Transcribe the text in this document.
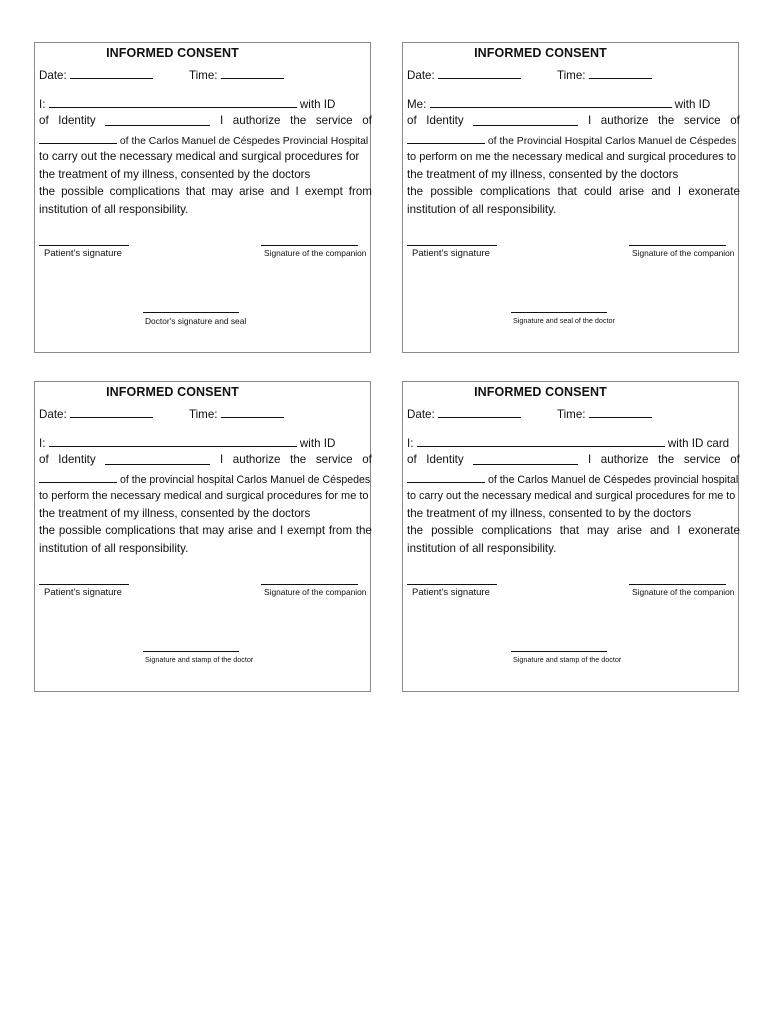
INFORMED CONSENT
Date:	Time:
I:	with ID
of Identity	I authorize the service of
of the Carlos Manuel de Céspedes Provincial Hospital
to carry out the necessary medical and surgical procedures for
the treatment of my illness, consented by the doctors
the possible complications that may arise and I exempt from
institution of all responsibility.
Patient's signature	Signature of the companion
Doctor's signature and seal
INFORMED CONSENT
Date:	Time:
Me:	with ID
of Identity	I authorize the service of
of the Provincial Hospital Carlos Manuel de Céspedes
to perform on me the necessary medical and surgical procedures to
the treatment of my illness, consented by the doctors
the possible complications that could arise and I exonerate
institution of all responsibility.
Patient's signature	Signature of the companion
Signature and seal of the doctor
INFORMED CONSENT
Date:	Time:
I:	with ID
of Identity	I authorize the service of
of the provincial hospital Carlos Manuel de Céspedes
to perform the necessary medical and surgical procedures for me to
the treatment of my illness, consented by the doctors
the possible complications that may arise and I exempt from the
institution of all responsibility.
Patient's signature	Signature of the companion
Signature and stamp of the doctor
INFORMED CONSENT
Date:	Time:
I:	with ID card
of Identity	I authorize the service of
of the Carlos Manuel de Céspedes provincial hospital
to carry out the necessary medical and surgical procedures for me to
the treatment of my illness, consented to by the doctors
the possible complications that may arise and I exonerate
institution of all responsibility.
Patient's signature	Signature of the companion
Signature and stamp of the doctor
